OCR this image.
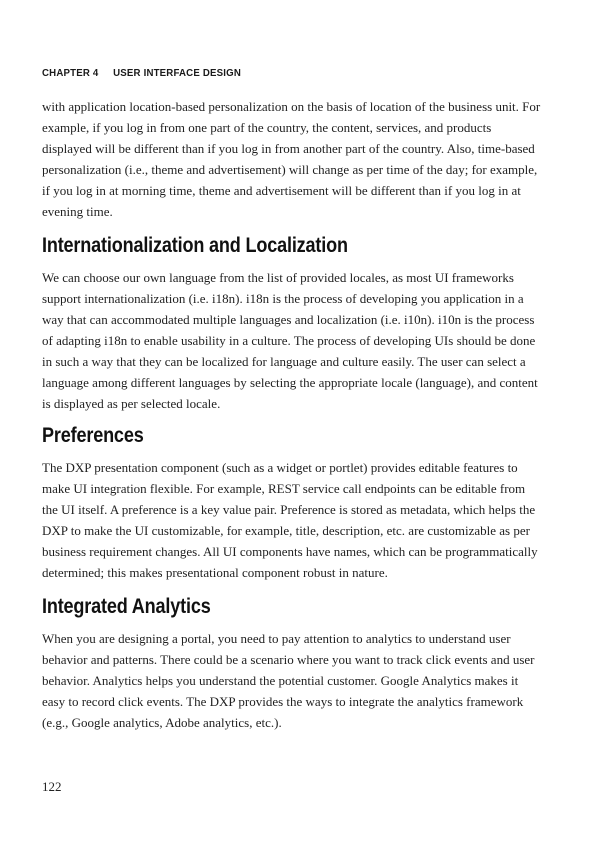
CHAPTER 4 USER INTERFACE DESIGN

with application location-based personalization on the basis of location of the business unit. For example, if you log in from one part of the country, the content, services, and products displayed will be different than if you log in from another part of the country. Also, time-based personalization (i.e., theme and advertisement) will change as per time of the day; for example, if you log in at morning time, theme and advertisement will be different than if you log in at evening time.

Internationalization and Localization

We can choose our own language from the list of provided locales, as most UI frameworks support internationalization (i.e. i18n). i18n is the process of developing you application in a way that can accommodated multiple languages and localization (i.e. i10n). i10n is the process of adapting i18n to enable usability in a culture. The process of developing UIs should be done in such a way that they can be localized for language and culture easily. The user can select a language among different languages by selecting the appropriate locale (language), and content is displayed as per selected locale.

Preferences

The DXP presentation component (such as a widget or portlet) provides editable features to make UI integration flexible. For example, REST service call endpoints can be editable from the UI itself. A preference is a key value pair. Preference is stored as metadata, which helps the DXP to make the UI customizable, for example, title, description, etc. are customizable as per business requirement changes. All UI components have names, which can be programmatically determined; this makes presentational component robust in nature.

Integrated Analytics

When you are designing a portal, you need to pay attention to analytics to understand user behavior and patterns. There could be a scenario where you want to track click events and user behavior. Analytics helps you understand the potential customer. Google Analytics makes it easy to record click events. The DXP provides the ways to integrate the analytics framework (e.g., Google analytics, Adobe analytics, etc.).

122
